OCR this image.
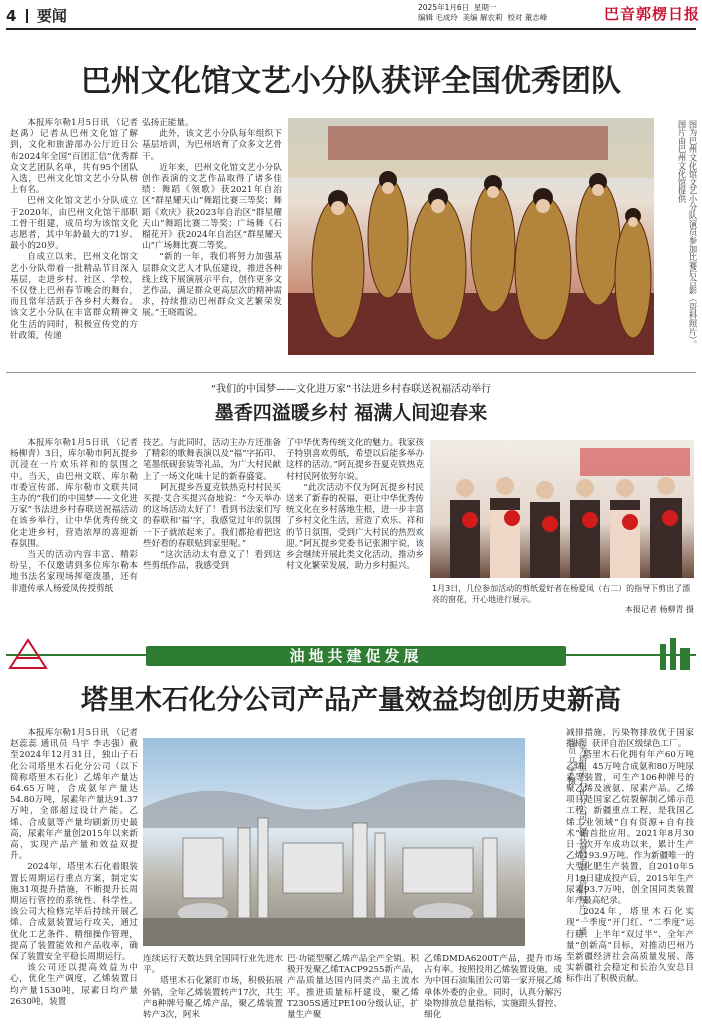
4 要闻	2025年1月6日 星期一
编辑 毛成玲 美编 解农莉 校对 董志峰	巴音郭楞日报
巴州文化馆文艺小分队获评全国优秀团队

本报库尔勒1月5日讯 （记者 赵禹）记者从巴州文化馆了解到，文化和旅游部办公厅近日公布2024年全国“百团汇信”优秀群众文艺团队名单，共有95个团队入选，巴州文化馆文艺小分队榜上有名。

巴州文化馆文艺小分队成立于2020年，由巴州文化馆干部职工骨干组建，成员均为该馆文化志愿者，其中年龄最大的71岁、最小的20岁。

自成立以来，巴州文化馆文艺小分队带着一批精品节目深入基层，走进乡村、社区、学校，不仅登上巴州春节晚会的舞台，而且常年活跃于各乡村大舞台。该文艺小分队在丰富群众精神文化生活的同时，积极宣传党的方针政策，传递

弘扬正能量。

此外，该文艺小分队每年组织下基层培训，为巴州培育了众多文艺骨干。

近年来，巴州文化馆文艺小分队创作表演的文艺作品取得了诸多佳绩：舞蹈《领歌》获2021年自治区“群星耀天山”舞蹈比赛三等奖；舞蹈《欢庆》获2023年自治区“群星耀天山”舞蹈比赛二等奖；广场舞《石榴花开》获2024年自治区“群星耀天山”广场舞比赛二等奖。

“新的一年，我们将努力加强基层群众文艺人才队伍建设，推进各种线上线下展演展示平台，创作更多文艺作品，满足群众更高层次的精神需求，持续推动巴州群众文艺繁荣发展。”王晓霞说。	图为巴州文化馆文艺小分队演员参加比赛后合影（资料照片）。 图片由巴州文化馆提供
“我们的中国梦——文化进万家”书法进乡村春联送祝福活动举行
墨香四溢暖乡村 福满人间迎春来

本报库尔勒1月5日讯 （记者 杨柳青）3日，库尔勒市阿瓦提乡沉浸在一片欢乐祥和的氛围之中。当天，由巴州文联、库尔勒市委宣传部、库尔勒市文联共同主办的“我们的中国梦——文化进万家”书法进乡村春联送祝福活动在该乡举行，让中华优秀传统文化走进乡村，营造浓厚的喜迎新春氛围。

当天的活动内容丰富、精彩纷呈，不仅邀请到多位库尔勒本地书法名家现场挥毫泼墨，还有非遗传承人杨爱凤传授剪纸

技艺。与此同时，活动主办方还准备了精彩的歌舞表演以及“福”字拓印、笔墨纸砚套装等礼品，为广大村民献上了一场文化味十足的新春盛宴。

阿瓦提乡吾夏克铁热克村村民买买提·艾合买提兴奋地说：“今天举办的这场活动太好了！看到书法家们写的春联和‘福’字，我感觉过年的氛围一下子就浓起来了。我们都抢着把这些好看的春联贴到家里呢。”

“这次活动太有意义了！看到这些剪纸作品，我感受到

了中华优秀传统文化的魅力。我家孩子特别喜欢剪纸，希望以后能多举办这样的活动。”阿瓦提乡吾夏克铁热克村村民阿依努尔说。

“此次活动不仅为阿瓦提乡村民送来了新春的祝福，更让中华优秀传统文化在乡村落地生根，进一步丰富了乡村文化生活，营造了欢乐、祥和的节日氛围，受到广大村民的热烈欢迎。”阿瓦提乡党委书记张湘宇说，该乡会继续开展此类文化活动，推动乡村文化繁荣发展，助力乡村振兴。

1月3日，几位参加活动的剪纸爱好者在杨爱凤（右二）的指导下剪出了漂亮的窗花，开心地进行展示。
本报记者 杨柳青 摄
油地共建促发展
塔里木石化分公司产品产量效益均创历史新高

本报库尔勒1月5日讯 （记者 赵蕊蕊 通讯员 马宇 李志强）截至2024年12月31日，独山子石化公司塔里木石化分公司（以下简称塔里木石化）乙烯年产量达64.65万吨，合成氨年产量达54.80万吨，尿素年产量达91.37万吨，全部超过设计产能。乙烯、合成氨等产量均刷新历史最高，尿素年产量创2015年以来新高，实现产品产量和效益双提升。

2024年，塔里木石化着眼装置长周期运行重点方案，制定实施31项提升措施，不断提升长周期运行管控的系统性、科学性。该公司大检修完毕后持续开展乙烯、合成氨装置运行攻关，通过优化工艺条件、精细操作管理，提高了装置能效和产品收率，确保了装置安全平稳长周期运行。

该公司还以提高效益为中心，优化生产调度，乙烯装置日均产量1530吨，尿素日均产量2630吨，装置

图为塔里木石化分公司乙烯装置全景（资料照片）。 通讯员 马宇 摄

连续运行天数达到全国同行业先进水平。

塔里木石化紧盯市场，积极拓展外销，全年乙烯装置转产17次，共生产8种牌号聚乙烯产品，聚乙烯装置转产3次，阿米

巴·功能型聚乙烯产品全产全销。积极开发聚乙烯TACP9255新产品，产品质量达国内同类产品主流水平。推进质量标杆建设，聚乙烯T2305S通过PE100分级认证，扩量生产聚

乙烯DMDA6200T产品，提升市场占有率。按照投用乙烯装置设施，成为中国石油集团公司第一家开展乙烯单体外委的企业。同时，认真分解污染物排放总量指标，实施跟头督控、细化

减排措施，污染物排放优于国家指标，获评自治区级绿色工厂。

塔里木石化拥有年产60万吨乙烯、45万吨合成氨和80万吨尿素等装置，可生产106种牌号的聚乙烯及液氨、尿素产品。乙烯项目是国家乙烷裂解制乙烯示范工程，新疆重点工程，是我国乙烯工业领域“自有资源+自有技术”的首批应用。2021年8月30日一次开车成功以来，累计生产乙烯193.9万吨。作为新疆唯一的大型化肥生产装置，自2010年5月19日建成投产后，2015年生产尿素93.7万吨，创全国同类装置年产最高纪录。

2024年，塔里木石化实现“一季度”开门红、“二季度”运行稳、上半年“双过半”、全年产量“创新高”目标，对推动巴州乃至新疆经济社会高质量发展、落实新疆社会稳定和长治久安总目标作出了积极贡献。
